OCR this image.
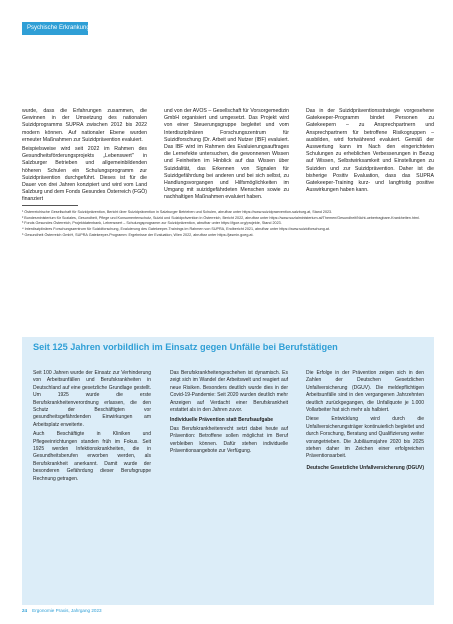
Psychische Erkrankungen

wurde, dass die Erfahrungen zusammen, die Gewinnen in der Umsetzung des nationalen Suizidprogramms SUPRA zwischen 2012 bis 2022 modern können. Auf nationaler Ebene wurden erneuter Maßnahmen zur Suizidprävention evaluiert.

Beispielsweise wird seit 2022 im Rahmen des Gesundheitsförderungsprojekts „Lebenswert" in Salzburger Betrieben und allgemeinbildenden höheren Schulen ein Schulungsprogramm zur Suizidprävention durchgeführt. Dieses ist für die Dauer von drei Jahren konzipiert und wird vom Land Salzburg und dem Fonds Gesundes Österreich (FGÖ) finanziert

und von der AVOS – Gesellschaft für Vorsorgemedizin GmbH organisiert und umgesetzt. Das Projekt wird von einer Steuerungsgruppe begleitet und vom Interdisziplinären Forschungszentrum für Suizidforschung (Dr. Arbeit und Nutzer (IBF) evaluiert. Das IBF wird im Rahmen des Evaluierungsauftrages die Lernefekte untersuchen, die gewonnenen Wissen und Feinheiten im Hinblick auf das Wissen über Suizidalität, das Erkennen von Signalen für Suizidgefährdung bei anderen und bei sich selbst, zu Handlungsvorgangen und Hilfsmöglichkeiten im Umgang mit suizidgefährdeten Menschen sowie zu nachhaltigen Maßnahmen evaluiert haben.

Das in der Suizidpräventionsstrategie vorgesehene Gatekeeper-Programm bindet Personen zu Gatekeepern – zu Ansprechpartnern und Ansprechpartnern für betroffene Risikogruppen – ausbilden, wird fortwährend evaluiert. Gemäß der Auswertung kann im Nach den eingerichteten Schulungen zu erheblichen Verbesserungen in Bezug auf Wissen, Selbstwirksamkeit und Einstellungen zu Suiziden und zur Suizidprävention. Daher ist die bisherige Positiv Evaluation, dass das SUPRA Gatekeeper-Training kurz- und langfristig positive Auswirkungen haben kann.

¹ Österreichische Gesellschaft für Suizidprävention, Bericht über Suizidprävention in Salzburger Betrieben und Schulen, abrufbar unter https://www.suizidpraevention-salzburg.at, Stand 2023.
² Bundesministerium für Soziales, Gesundheit, Pflege und Konsumentenschutz, Suizid und Suizidprävention in Österreich, Bericht 2022, abrufbar unter https://www.sozialministerium.at/Themen/Gesundheit/Nicht-uebertragbare-Krankheiten.html.
³ Fonds Gesundes Österreich, Projektdatenbank, Lebenswert – Schulungsprogramm zur Suizidprävention, abrufbar unter https://fgoe.org/projekte, Stand 2023.
⁴ Interdisziplinäres Forschungszentrum für Suizidforschung, Evaluierung des Gatekeeper-Trainings im Rahmen von SUPRA, Endbericht 2021, abrufbar unter https://www.suizidforschung.at.
⁵ Gesundheit Österreich GmbH, SUPRA Gatekeeper-Programm: Ergebnisse der Evaluation, Wien 2022, abrufbar unter https://jasmin.goeg.at.
Seit 125 Jahren vorbildlich im Einsatz gegen Unfälle bei Berufstätigen

Seit 100 Jahren wurde der Einsatz zur Verhinderung von Arbeitsunfällen und Berufskrankheiten in Deutschland auf eine gesetzliche Grundlage gestellt. Um 1925 wurde die erste Berufskrankheitenverordnung erlassen, die den Schutz der Beschäftigten vor gesundheitsgefährdenden Einwirkungen am Arbeitsplatz erweiterte.

Auch Beschäftigte in Kliniken und Pflegeeinrichtungen standen früh im Fokus. Seit 1925 werden Infektionskrankheiten, die in Gesundheitsberufen erworben werden, als Berufskrankheit anerkannt. Damit wurde der besonderen Gefährdung dieser Berufsgruppe Rechnung getragen.

Das Berufskrankheitengeschehen ist dynamisch. Es zeigt sich im Wandel der Arbeitswelt und reagiert auf neue Risiken. Besonders deutlich wurde dies in der Covid-19-Pandemie: Seit 2020 wurden deutlich mehr Anzeigen auf Verdacht einer Berufskrankheit erstattet als in den Jahren zuvor.

Individuelle Prävention statt Berufsaufgabe

Das Berufskrankheitenrecht setzt dabei heute auf Prävention: Betroffene sollen möglichst im Beruf verbleiben können. Dafür stehen individuelle Präventionsangebote zur Verfügung.

Die Erfolge in der Prävention zeigen sich in den Zahlen der Deutschen Gesetzlichen Unfallversicherung (DGUV). Die meldepflichtigen Arbeitsunfälle sind in den vergangenen Jahrzehnten deutlich zurückgegangen, die Unfallquote je 1.000 Vollarbeiter hat sich mehr als halbiert.

Diese Entwicklung wird durch die Unfallversicherungsträger kontinuierlich begleitet und durch Forschung, Beratung und Qualifizierung weiter vorangetrieben. Die Jubiläumsjahre 2020 bis 2025 stehen daher im Zeichen einer erfolgreichen Präventionsarbeit.

Deutsche Gesetzliche Unfallversicherung (DGUV)
24 Ergonomie Praxis, Jahrgang 2023
